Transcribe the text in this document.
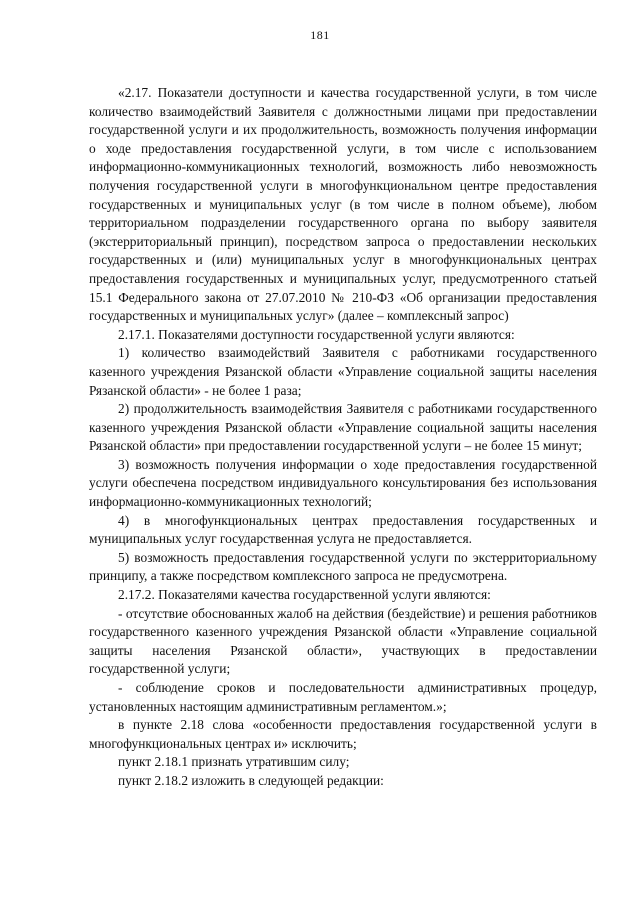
181

«2.17. Показатели доступности и качества государственной услуги, в том числе количество взаимодействий Заявителя с должностными лицами при предоставлении государственной услуги и их продолжительность, возможность получения информации о ходе предоставления государственной услуги, в том числе с использованием информационно-коммуникационных технологий, возможность либо невозможность получения государственной услуги в многофункциональном центре предоставления государственных и муниципальных услуг (в том числе в полном объеме), любом территориальном подразделении государственного органа по выбору заявителя (экстерриториальный принцип), посредством запроса о предоставлении нескольких государственных и (или) муниципальных услуг в многофункциональных центрах предоставления государственных и муниципальных услуг, предусмотренного статьей 15.1 Федерального закона от 27.07.2010 № 210-ФЗ «Об организации предоставления государственных и муниципальных услуг» (далее – комплексный запрос)

2.17.1. Показателями доступности государственной услуги являются:

1) количество взаимодействий Заявителя с работниками государственного казенного учреждения Рязанской области «Управление социальной защиты населения Рязанской области» - не более 1 раза;

2) продолжительность взаимодействия Заявителя с работниками государственного казенного учреждения Рязанской области «Управление социальной защиты населения Рязанской области» при предоставлении государственной услуги – не более 15 минут;

3) возможность получения информации о ходе предоставления государственной услуги обеспечена посредством индивидуального консультирования без использования информационно-коммуникационных технологий;

4) в многофункциональных центрах предоставления государственных и муниципальных услуг государственная услуга не предоставляется.

5) возможность предоставления государственной услуги по экстерриториальному принципу, а также посредством комплексного запроса не предусмотрена.

2.17.2. Показателями качества государственной услуги являются:

- отсутствие обоснованных жалоб на действия (бездействие) и решения работников государственного казенного учреждения Рязанской области «Управление социальной защиты населения Рязанской области», участвующих в предоставлении государственной услуги;

- соблюдение сроков и последовательности административных процедур, установленных настоящим административным регламентом.»;

в пункте 2.18 слова «особенности предоставления государственной услуги в многофункциональных центрах и» исключить;

пункт 2.18.1 признать утратившим силу;

пункт 2.18.2 изложить в следующей редакции:
